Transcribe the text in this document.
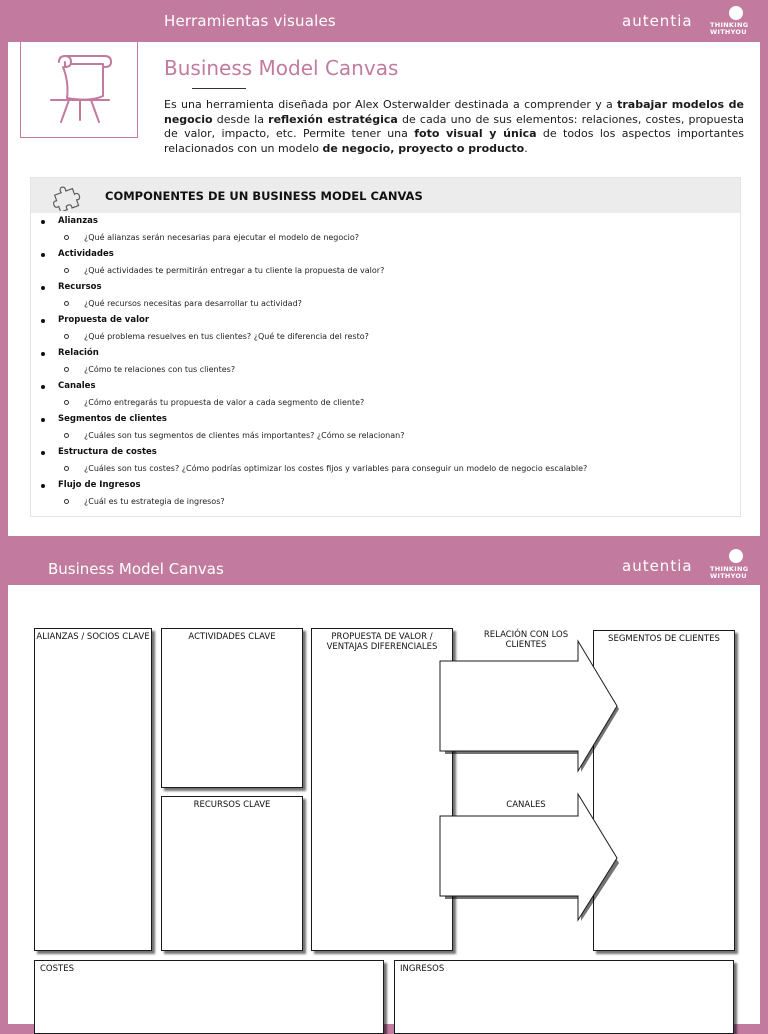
Herramientas visuales	autentia	THINKING
WITHYOU
Business Model Canvas
Es una herramienta diseñada por Alex Osterwalder destinada a comprender y a trabajar modelos de negocio desde la reflexión estratégica de cada uno de sus elementos: relaciones, costes, propuesta de valor, impacto, etc. Permite tener una foto visual y única de todos los aspectos importantes relacionados con un modelo de negocio, proyecto o producto.
COMPONENTES DE UN BUSINESS MODEL CANVAS
Alianzas
¿Qué alianzas serán necesarias para ejecutar el modelo de negocio?
Actividades
¿Qué actividades te permitirán entregar a tu cliente la propuesta de valor?
Recursos
¿Qué recursos necesitas para desarrollar tu actividad?
Propuesta de valor
¿Qué problema resuelves en tus clientes? ¿Qué te diferencia del resto?
Relación
¿Cómo te relaciones con tus clientes?
Canales
¿Cómo entregarás tu propuesta de valor a cada segmento de cliente?
Segmentos de clientes
¿Cuáles son tus segmentos de clientes más importantes? ¿Cómo se relacionan?
Estructura de costes
¿Cuáles son tus costes? ¿Cómo podrías optimizar los costes fijos y variables para conseguir un modelo de negocio escalable?
Flujo de Ingresos
¿Cuál es tu estrategia de ingresos?
Business Model Canvas	autentia	THINKING
WITHYOU
ALIANZAS / SOCIOS CLAVE	ACTIVIDADES CLAVE
RECURSOS CLAVE
PROPUESTA DE VALOR / VENTAJAS DIFERENCIALES
SEGMENTOS DE CLIENTES
RELACIÓN CON LOS CLIENTES
CANALES
COSTES	INGRESOS
